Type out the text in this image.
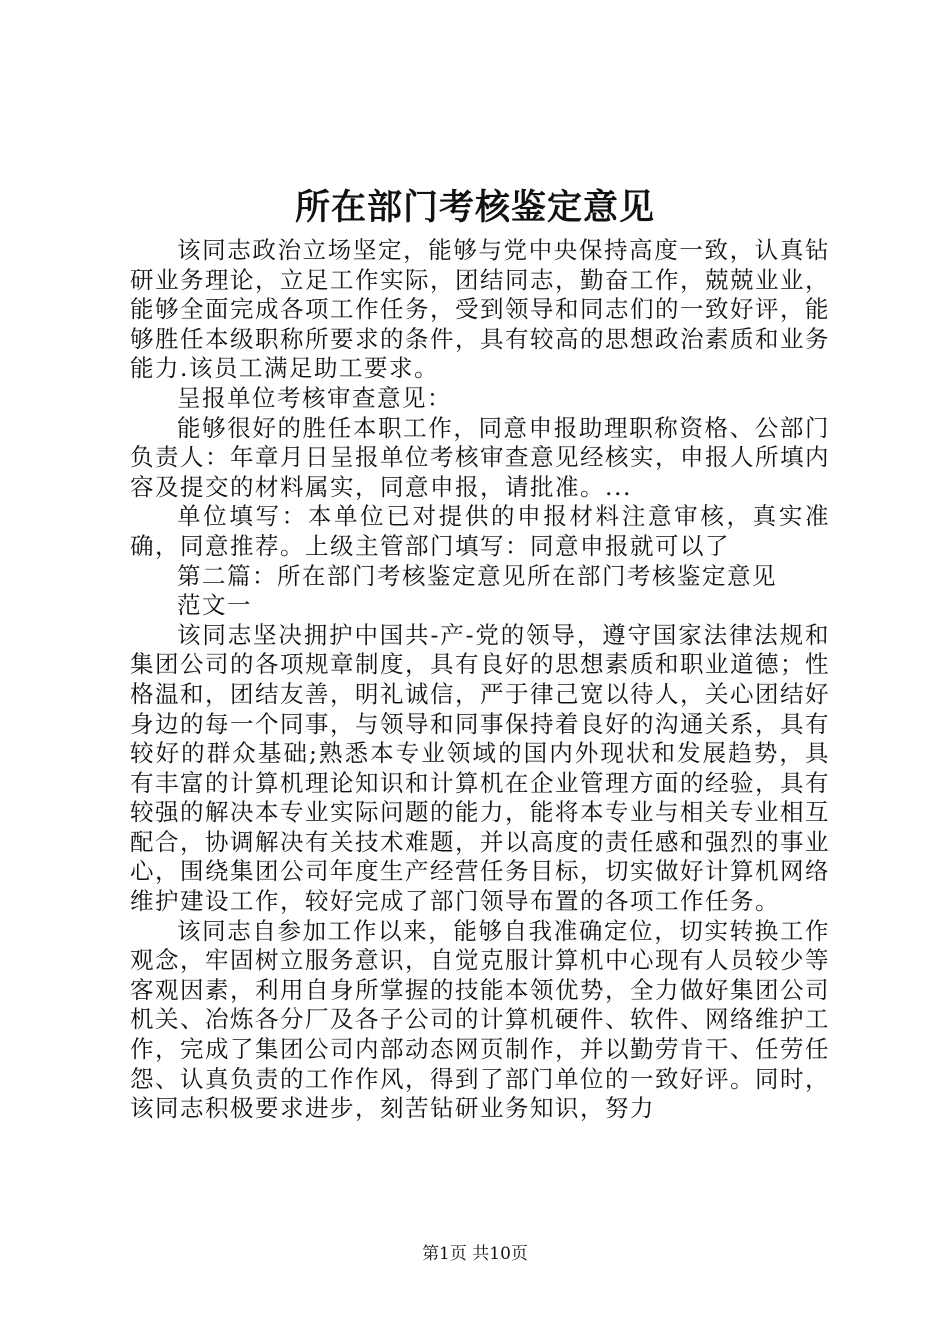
所在部门考核鉴定意见

该同志政治立场坚定，能够与党中央保持高度一致，认真钻研业务理论，立足工作实际，团结同志，勤奋工作，兢兢业业，能够全面完成各项工作任务，受到领导和同志们的一致好评，能够胜任本级职称所要求的条件，具有较高的思想政治素质和业务能力.该员工满足助工要求。

呈报单位考核审查意见：

能够很好的胜任本职工作，同意申报助理职称资格、公部门负责人：年章月日呈报单位考核审查意见经核实，申报人所填内容及提交的材料属实，同意申报，请批准。...

单位填写：本单位已对提供的申报材料注意审核，真实准确，同意推荐。上级主管部门填写：同意申报就可以了

第二篇：所在部门考核鉴定意见所在部门考核鉴定意见

范文一

该同志坚决拥护中国共-产-党的领导，遵守国家法律法规和集团公司的各项规章制度，具有良好的思想素质和职业道德；性格温和，团结友善，明礼诚信，严于律己宽以待人，关心团结好身边的每一个同事，与领导和同事保持着良好的沟通关系，具有较好的群众基础;熟悉本专业领域的国内外现状和发展趋势，具有丰富的计算机理论知识和计算机在企业管理方面的经验，具有较强的解决本专业实际问题的能力，能将本专业与相关专业相互配合，协调解决有关技术难题，并以高度的责任感和强烈的事业心，围绕集团公司年度生产经营任务目标，切实做好计算机网络维护建设工作，较好完成了部门领导布置的各项工作任务。

该同志自参加工作以来，能够自我准确定位，切实转换工作观念，牢固树立服务意识，自觉克服计算机中心现有人员较少等客观因素，利用自身所掌握的技能本领优势，全力做好集团公司机关、冶炼各分厂及各子公司的计算机硬件、软件、网络维护工作，完成了集团公司内部动态网页制作，并以勤劳肯干、任劳任怨、认真负责的工作作风，得到了部门单位的一致好评。同时，该同志积极要求进步，刻苦钻研业务知识，努力

第1页 共10页
